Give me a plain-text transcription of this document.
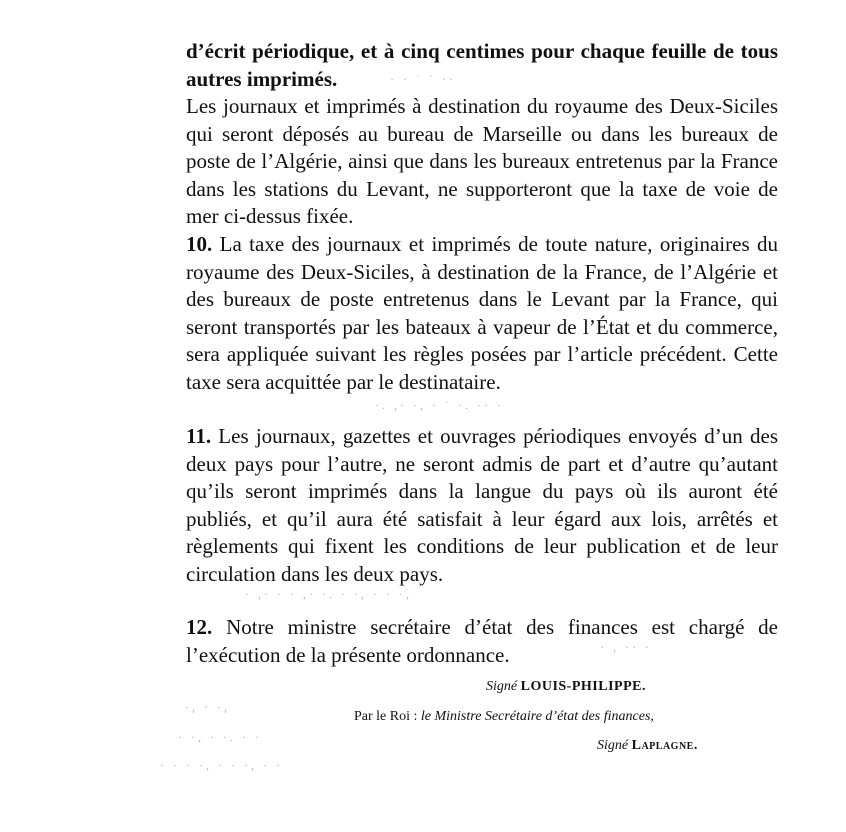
d’écrit périodique, et à cinq centimes pour chaque feuille de tous autres imprimés.

Les journaux et imprimés à destination du royaume des Deux-Siciles qui seront déposés au bureau de Marseille ou dans les bureaux de poste de l’Algérie, ainsi que dans les bureaux entretenus par la France dans les stations du Levant, ne supporteront que la taxe de voie de mer ci-dessus fixée.

10. La taxe des journaux et imprimés de toute nature, originaires du royaume des Deux-Siciles, à destination de la France, de l’Algérie et des bureaux de poste entretenus dans le Levant par la France, qui seront transportés par les bateaux à vapeur de l’État et du commerce, sera appliquée suivant les règles posées par l’article précédent. Cette taxe sera acquittée par le destinataire.

11. Les journaux, gazettes et ouvrages périodiques envoyés d’un des deux pays pour l’autre, ne seront admis de part et d’autre qu’autant qu’ils seront imprimés dans la langue du pays où ils auront été publiés, et qu’il aura été satisfait à leur égard aux lois, arrêtés et règlements qui fixent les conditions de leur publication et de leur circulation dans les deux pays.

12. Notre ministre secrétaire d’état des finances est chargé de l’exécution de la présente ordonnance.

Signé LOUIS-PHILIPPE.
Par le Roi : le Ministre Secrétaire d’état des finances,
Signé Laplagne.
· · ˙ ˙ ··
·. ,· ·, · ˙ ·. ·· ·
· ,· · · ,· ·. · ·, · · ·,
· , ·· ·
·, · ·,
· ·, · ·. · ·
· · · ·, · · ·, · ·
